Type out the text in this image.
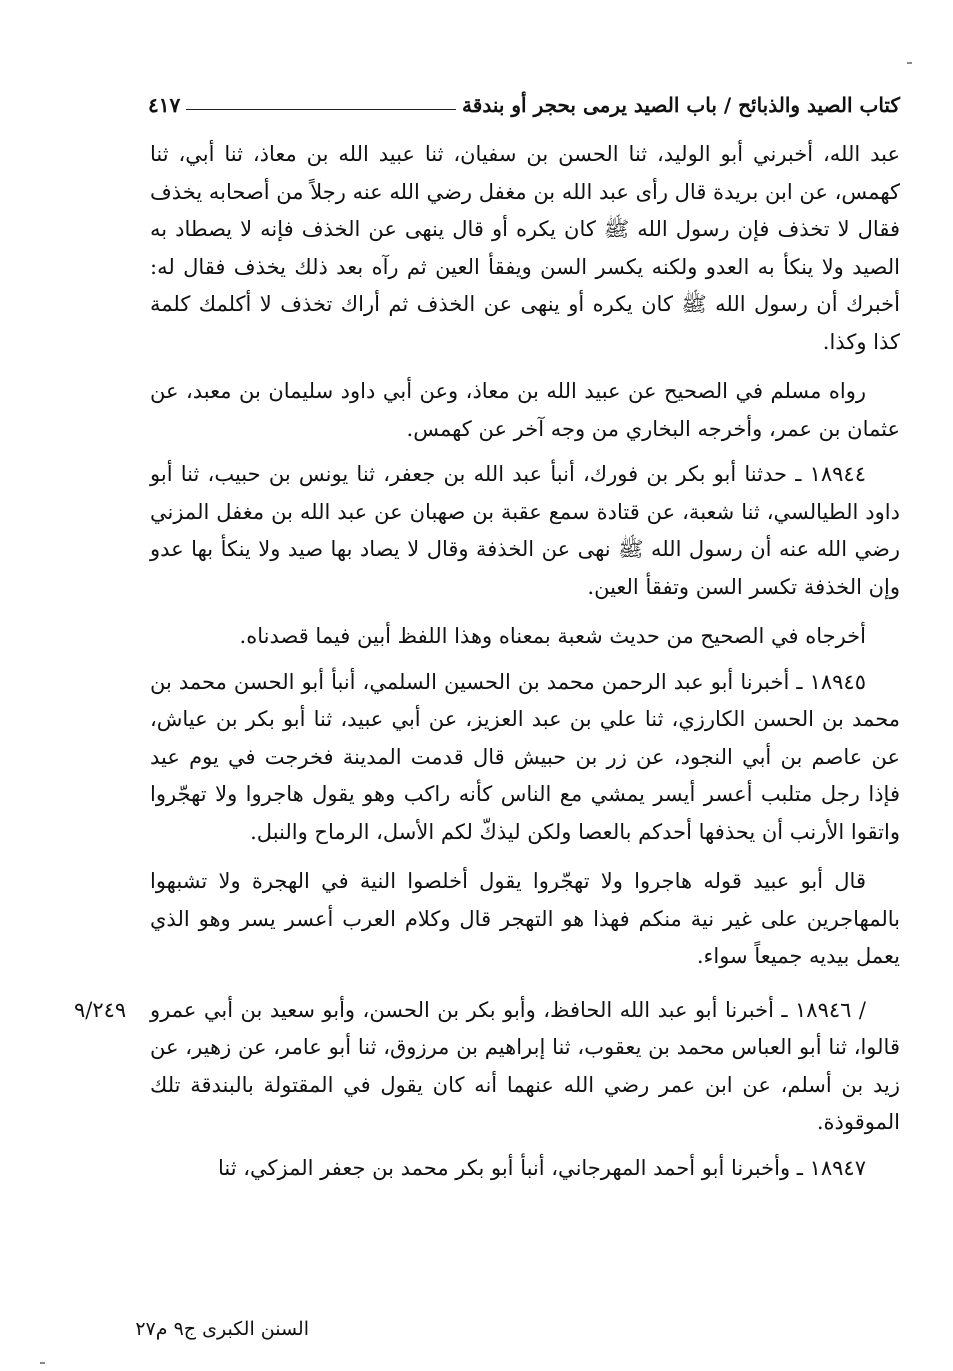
كتاب الصيد والذبائح / باب الصيد يرمى بحجر أو بندقة
٤١٧

عبد الله، أخبرني أبو الوليد، ثنا الحسن بن سفيان، ثنا عبيد الله بن معاذ، ثنا أبي، ثنا كهمس، عن ابن بريدة قال رأى عبد الله بن مغفل رضي الله عنه رجلاً من أصحابه يخذف فقال لا تخذف فإن رسول الله ﷺ كان يكره أو قال ينهى عن الخذف فإنه لا يصطاد به الصيد ولا ينكأ به العدو ولكنه يكسر السن ويفقأ العين ثم رآه بعد ذلك يخذف فقال له: أخبرك أن رسول الله ﷺ كان يكره أو ينهى عن الخذف ثم أراك تخذف لا أكلمك كلمة كذا وكذا.

رواه مسلم في الصحيح عن عبيد الله بن معاذ، وعن أبي داود سليمان بن معبد، عن عثمان بن عمر، وأخرجه البخاري من وجه آخر عن كهمس.

١٨٩٤٤ ـ حدثنا أبو بكر بن فورك، أنبأ عبد الله بن جعفر، ثنا يونس بن حبيب، ثنا أبو داود الطيالسي، ثنا شعبة، عن قتادة سمع عقبة بن صهبان عن عبد الله بن مغفل المزني رضي الله عنه أن رسول الله ﷺ نهى عن الخذفة وقال لا يصاد بها صيد ولا ينكأ بها عدو وإن الخذفة تكسر السن وتفقأ العين.

أخرجاه في الصحيح من حديث شعبة بمعناه وهذا اللفظ أبين فيما قصدناه.

١٨٩٤٥ ـ أخبرنا أبو عبد الرحمن محمد بن الحسين السلمي، أنبأ أبو الحسن محمد بن محمد بن الحسن الكارزي، ثنا علي بن عبد العزيز، عن أبي عبيد، ثنا أبو بكر بن عياش، عن عاصم بن أبي النجود، عن زر بن حبيش قال قدمت المدينة فخرجت في يوم عيد فإذا رجل متلبب أعسر أيسر يمشي مع الناس كأنه راكب وهو يقول هاجروا ولا تهجّروا واتقوا الأرنب أن يحذفها أحدكم بالعصا ولكن ليذكّ لكم الأسل، الرماح والنبل.

قال أبو عبيد قوله هاجروا ولا تهجّروا يقول أخلصوا النية في الهجرة ولا تشبهوا بالمهاجرين على غير نية منكم فهذا هو التهجر قال وكلام العرب أعسر يسر وهو الذي يعمل بيديه جميعاً سواء.

/ ١٨٩٤٦ ـ أخبرنا أبو عبد الله الحافظ، وأبو بكر بن الحسن، وأبو سعيد بن أبي عمرو قالوا، ثنا أبو العباس محمد بن يعقوب، ثنا إبراهيم بن مرزوق، ثنا أبو عامر، عن زهير، عن زيد بن أسلم، عن ابن عمر رضي الله عنهما أنه كان يقول في المقتولة بالبندقة تلك الموقوذة.

٩/٢٤٩

١٨٩٤٧ ـ وأخبرنا أبو أحمد المهرجاني، أنبأ أبو بكر محمد بن جعفر المزكي، ثنا

السنن الكبرى ج٩ م٢٧
